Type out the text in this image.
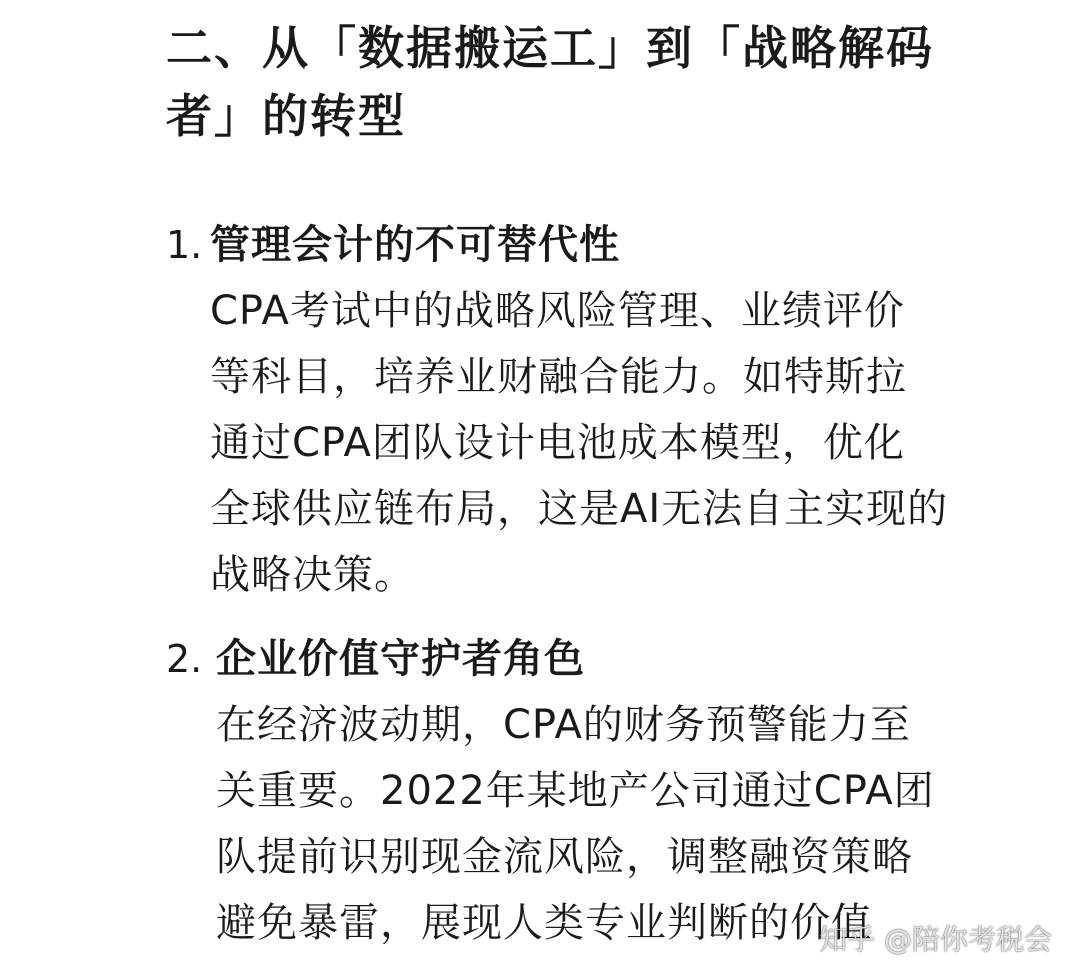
二、从「数据搬运工」到「战略解码
者」的转型
1. 管理会计的不可替代性

CPA考试中的战略风险管理、业绩评价
等科目，培养业财融合能力。如特斯拉
通过CPA团队设计电池成本模型，优化
全球供应链布局，这是AI无法自主实现的
战略决策。

2. 企业价值守护者角色

在经济波动期，CPA的财务预警能力至
关重要。2022年某地产公司通过CPA团
队提前识别现金流风险，调整融资策略
避免暴雷，展现人类专业判断的价值

知乎 @陪你考税会
